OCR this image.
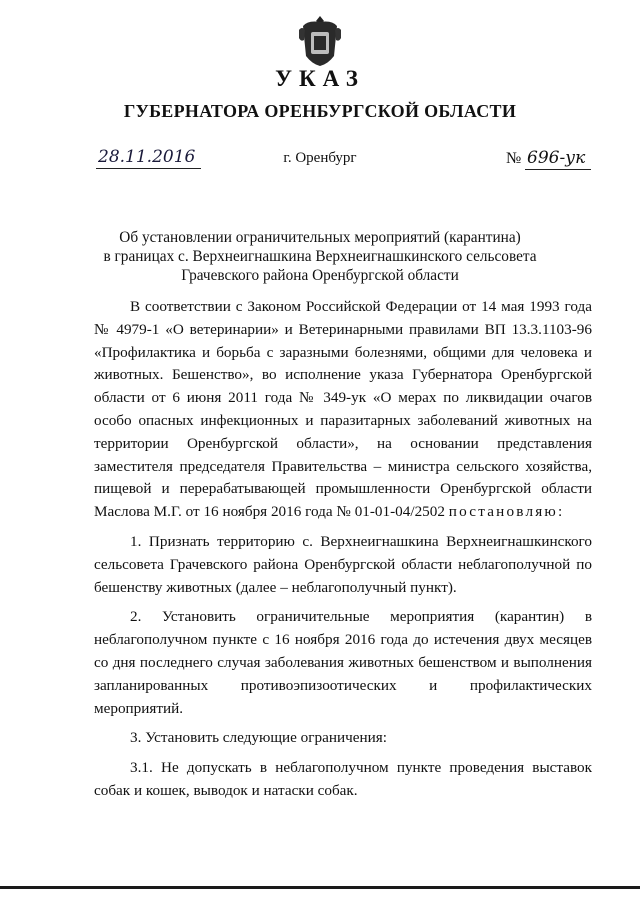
УКАЗ
ГУБЕРНАТОРА ОРЕНБУРГСКОЙ ОБЛАСТИ
28.11.2016	г. Оренбург	№ 696-ук
Об установлении ограничительных мероприятий (карантина)
в границах с. Верхнеигнашкина Верхнеигнашкинского сельсовета
Грачевского района Оренбургской области

В соответствии с Законом Российской Федерации от 14 мая 1993 года № 4979-1 «О ветеринарии» и Ветеринарными правилами ВП 13.3.1103-96 «Профилактика и борьба с заразными болезнями, общими для человека и животных. Бешенство», во исполнение указа Губернатора Оренбургской области от 6 июня 2011 года № 349-ук «О мерах по ликвидации очагов особо опасных инфекционных и паразитарных заболеваний животных на территории Оренбургской области», на основании представления заместителя председателя Правительства – министра сельского хозяйства, пищевой и перерабатывающей промышленности Оренбургской области Маслова М.Г. от 16 ноября 2016 года № 01-01-04/2502 постановляю:

1. Признать территорию с. Верхнеигнашкина Верхнеигнашкинского сельсовета Грачевского района Оренбургской области неблагополучной по бешенству животных (далее – неблагополучный пункт).

2. Установить ограничительные мероприятия (карантин) в неблагополучном пункте с 16 ноября 2016 года до истечения двух месяцев со дня последнего случая заболевания животных бешенством и выполнения запланированных противоэпизоотических и профилактических мероприятий.

3. Установить следующие ограничения:

3.1. Не допускать в неблагополучном пункте проведения выставок собак и кошек, выводок и натаски собак.
